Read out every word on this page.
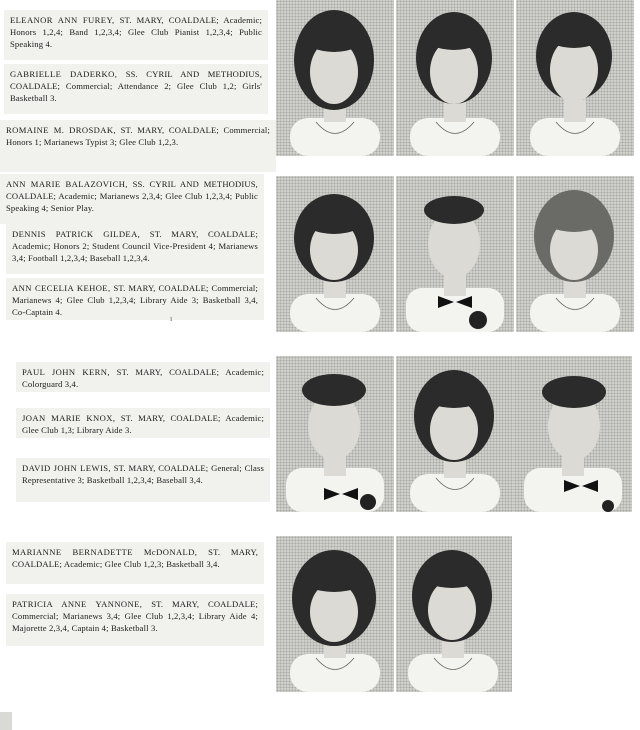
ELEANOR ANN FUREY, ST. MARY, COALDALE; Academic; Honors 1,2,4; Band 1,2,3,4; Glee Club Pianist 1,2,3,4; Public Speaking 4.

GABRIELLE DADERKO, SS. CYRIL AND METHODIUS, COALDALE; Commercial; Attendance 2; Glee Club 1,2; Girls' Basketball 3.

ROMAINE M. DROSDAK, ST. MARY, COALDALE; Commercial; Honors 1; Marianews Typist 3; Glee Club 1,2,3.

ANN MARIE BALAZOVICH, SS. CYRIL AND METHODIUS, COALDALE; Academic; Marianews 2,3,4; Glee Club 1,2,3,4; Public Speaking 4; Senior Play.

DENNIS PATRICK GILDEA, ST. MARY, COALDALE; Academic; Honors 2; Student Council Vice-President 4; Marianews 3,4; Football 1,2,3,4; Baseball 1,2,3,4.

ANN CECELIA KEHOE, ST. MARY, COALDALE; Commercial; Marianews 4; Glee Club 1,2,3,4; Library Aide 3; Basketball 3,4, Co-Captain 4.

ı

PAUL JOHN KERN, ST. MARY, COALDALE; Academic; Colorguard 3,4.

JOAN MARIE KNOX, ST. MARY, COALDALE; Academic; Glee Club 1,3; Library Aide 3.

DAVID JOHN LEWIS, ST. MARY, COALDALE; General; Class Representative 3; Basketball 1,2,3,4; Baseball 3,4.

MARIANNE BERNADETTE McDONALD, ST. MARY, COALDALE; Academic; Glee Club 1,2,3; Basketball 3,4.

PATRICIA ANNE YANNONE, ST. MARY, COALDALE; Commercial; Marianews 3,4; Glee Club 1,2,3,4; Library Aide 4; Majorette 2,3,4, Captain 4; Basketball 3.
